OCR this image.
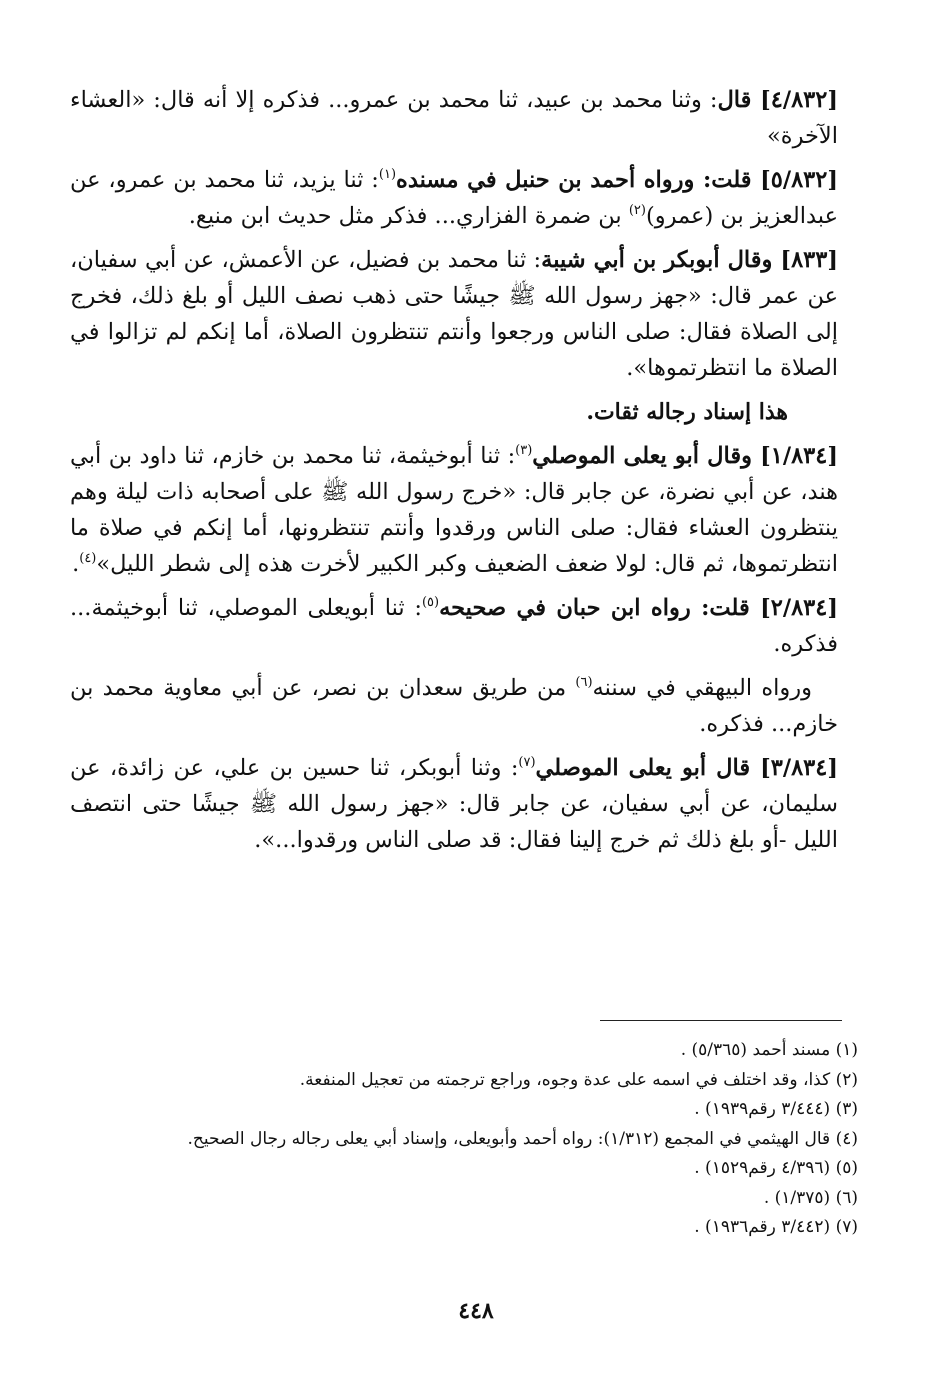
[٤/٨٣٢] قال: وثنا محمد بن عبيد، ثنا محمد بن عمرو... فذكره إلا أنه قال: «العشاء الآخرة»

[٥/٨٣٢] قلت: ورواه أحمد بن حنبل في مسنده$^{(١)}$: ثنا يزيد، ثنا محمد بن عمرو، عن عبدالعزيز بن (عمرو)$^{(٢)}$ بن ضمرة الفزاري... فذكر مثل حديث ابن منيع.

[٨٣٣] وقال أبوبكر بن أبي شيبة: ثنا محمد بن فضيل، عن الأعمش، عن أبي سفيان، عن عمر قال: «جهز رسول الله ﷺ جيشًا حتى ذهب نصف الليل أو بلغ ذلك، فخرج إلى الصلاة فقال: صلى الناس ورجعوا وأنتم تنتظرون الصلاة، أما إنكم لم تزالوا في الصلاة ما انتظرتموها».

هذا إسناد رجاله ثقات.

[١/٨٣٤] وقال أبو يعلى الموصلي$^{(٣)}$: ثنا أبوخيثمة، ثنا محمد بن خازم، ثنا داود بن أبي هند، عن أبي نضرة، عن جابر قال: «خرج رسول الله ﷺ على أصحابه ذات ليلة وهم ينتظرون العشاء فقال: صلى الناس ورقدوا وأنتم تنتظرونها، أما إنكم في صلاة ما انتظرتموها، ثم قال: لولا ضعف الضعيف وكبر الكبير لأخرت هذه إلى شطر الليل»$^{(٤)}$.

[٢/٨٣٤] قلت: رواه ابن حبان في صحيحه$^{(٥)}$: ثنا أبويعلى الموصلي، ثنا أبوخيثمة... فذكره.

ورواه البيهقي في سننه$^{(٦)}$ من طريق سعدان بن نصر، عن أبي معاوية محمد بن خازم... فذكره.

[٣/٨٣٤] قال أبو يعلى الموصلي$^{(٧)}$: وثنا أبوبكر، ثنا حسين بن علي، عن زائدة، عن سليمان، عن أبي سفيان، عن جابر قال: «جهز رسول الله ﷺ جيشًا حتى انتصف الليل -أو بلغ ذلك ثم خرج إلينا فقال: قد صلى الناس ورقدوا...».

(١) مسند أحمد (٥/٣٦٥) .
(٢) كذا، وقد اختلف في اسمه على عدة وجوه، وراجع ترجمته من تعجيل المنفعة.
(٣) (٣/٤٤٤ رقم١٩٣٩) .
(٤) قال الهيثمي في المجمع (١/٣١٢): رواه أحمد وأبويعلى، وإسناد أبي يعلى رجاله رجال الصحيح.
(٥) (٤/٣٩٦ رقم١٥٢٩) .
(٦) (١/٣٧٥) .
(٧) (٣/٤٤٢ رقم١٩٣٦) .
٤٤٨
